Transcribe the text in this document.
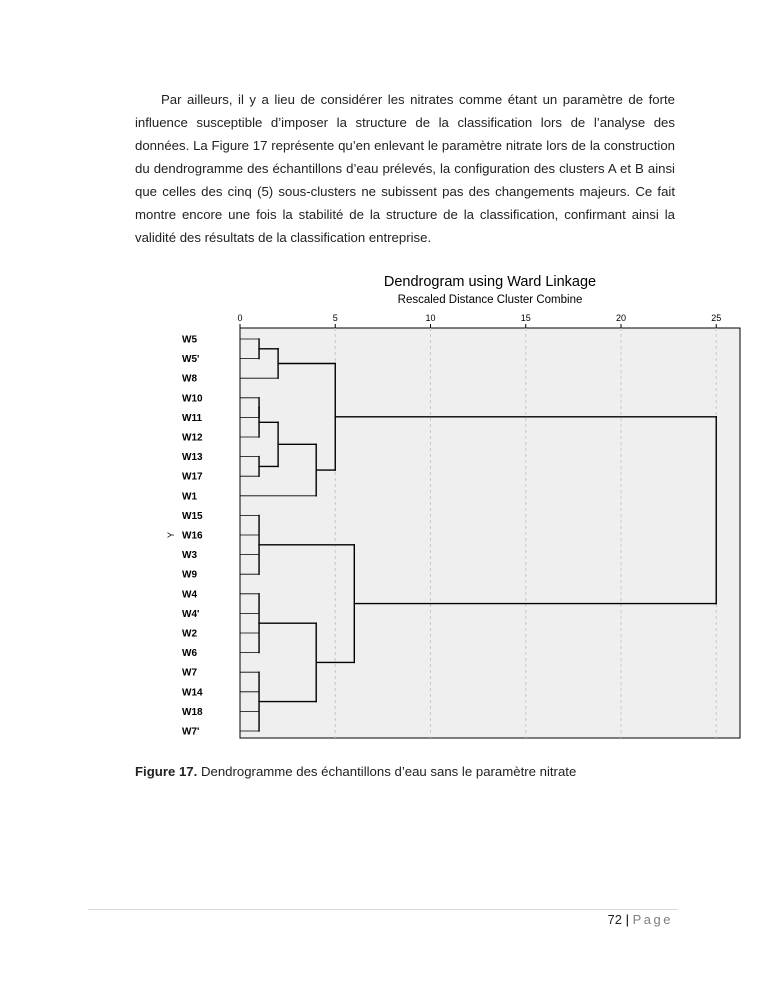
Par ailleurs, il y a lieu de considérer les nitrates comme étant un paramètre de forte influence susceptible d’imposer la structure de la classification lors de l’analyse des données. La Figure 17 représente qu’en enlevant le paramètre nitrate lors de la construction du dendrogramme des échantillons d’eau prélevés, la configuration des clusters A et B ainsi que celles des cinq (5) sous-clusters ne subissent pas des changements majeurs. Ce fait montre encore une fois la stabilité de la structure de la classification, confirmant ainsi la validité des résultats de la classification entreprise.

Dendrogram using Ward Linkage
Rescaled Distance Cluster Combine
0	5	10	15	20	25
W5
W5'
W8
W10
W11
W12
W13
W17
W1
W15
W16
W3
W9
W4
W4'
W2
W6
W7
W14
W18
W7'
Y

Figure 17. Dendrogramme des échantillons d’eau sans le paramètre nitrate

72 | Page
